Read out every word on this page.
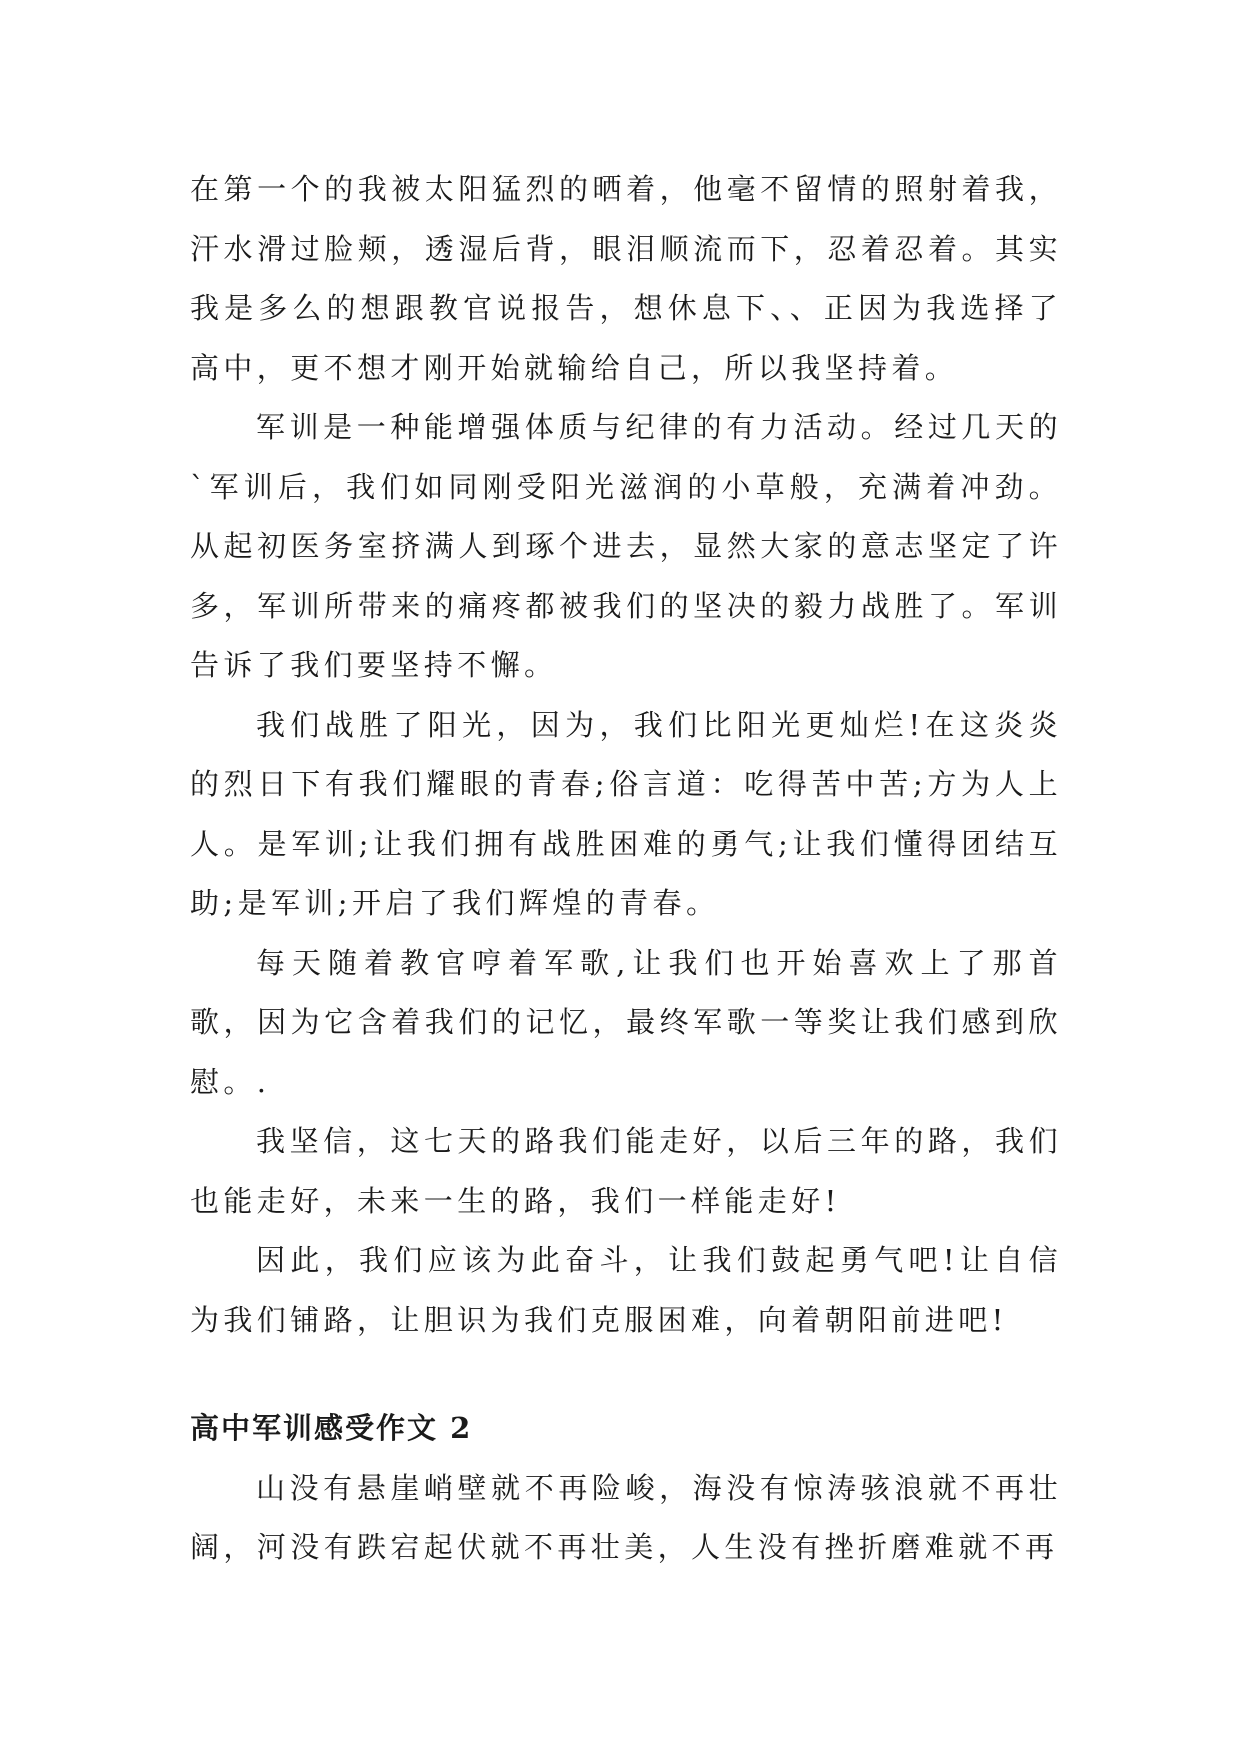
在第一个的我被太阳猛烈的晒着，他毫不留情的照射着我，汗水滑过脸颊，透湿后背，眼泪顺流而下，忍着忍着。其实我是多么的想跟教官说报告，想休息下、、正因为我选择了高中，更不想才刚开始就输给自己，所以我坚持着。

军训是一种能增强体质与纪律的有力活动。经过几天的`军训后，我们如同刚受阳光滋润的小草般，充满着冲劲。从起初医务室挤满人到琢个进去，显然大家的意志坚定了许多，军训所带来的痛疼都被我们的坚决的毅力战胜了。军训告诉了我们要坚持不懈。

我们战胜了阳光，因为，我们比阳光更灿烂!在这炎炎的烈日下有我们耀眼的青春;俗言道：吃得苦中苦;方为人上人。是军训;让我们拥有战胜困难的勇气;让我们懂得团结互助;是军训;开启了我们辉煌的青春。

每天随着教官哼着军歌,让我们也开始喜欢上了那首歌，因为它含着我们的记忆，最终军歌一等奖让我们感到欣慰。.

我坚信，这七天的路我们能走好，以后三年的路，我们也能走好，未来一生的路，我们一样能走好!

因此，我们应该为此奋斗，让我们鼓起勇气吧!让自信为我们铺路，让胆识为我们克服困难，向着朝阳前进吧!

高中军训感受作文 2

山没有悬崖峭壁就不再险峻，海没有惊涛骇浪就不再壮阔，河没有跌宕起伏就不再壮美，人生没有挫折磨难就不再
